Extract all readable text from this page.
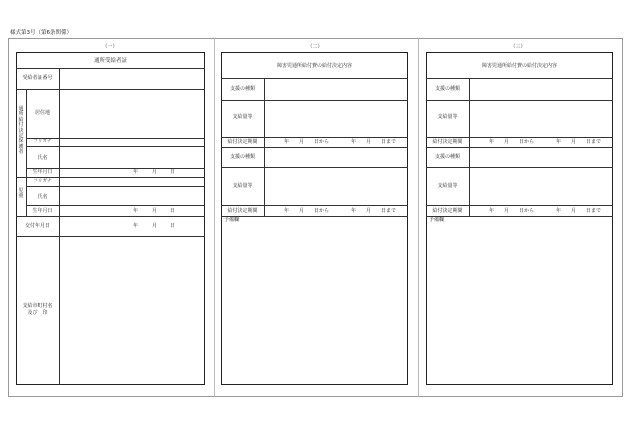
様式第3号（第6条関係）
（一）	（二）	（三）
通所受給者証
受給者証番号
通所給付決定保護者
居住地
フリガナ
氏名
生年月日	年	月	日
児童
フリガナ
氏名
生年月日	年	月	日
交付年月日	年	月	日
支給市町村名
及び　印
障害児通所給付費の給付決定内容
支援の種類
支給量等
給付決定期間	年　　月　　日から	年　　月　　日まで
支援の種類
支給量等
給付決定期間	年　　月　　日から	年　　月　　日まで
予備欄
障害児通所給付費の給付決定内容
支援の種類
支給量等
給付決定期間	年　　月　　日から	年　　月　　日まで
支援の種類
支給量等
給付決定期間	年　　月　　日から	年　　月　　日まで
予備欄
